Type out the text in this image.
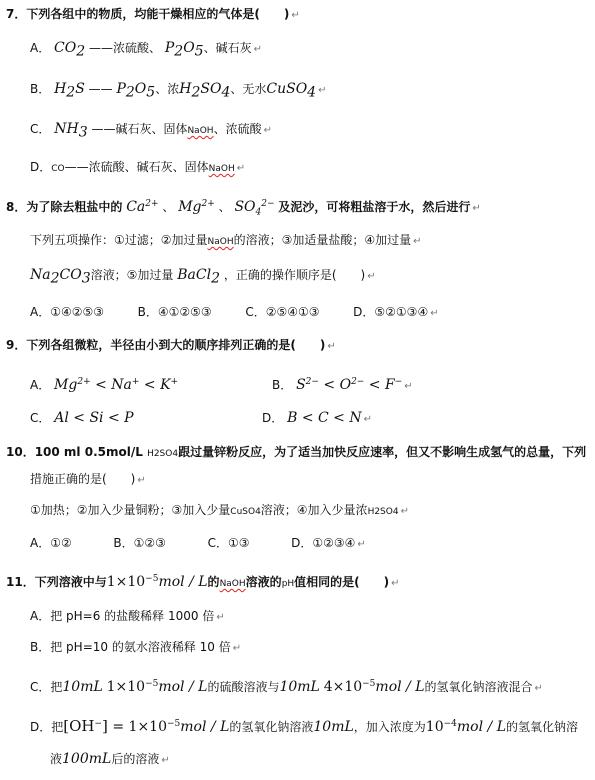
7．下列各组中的物质，均能干燥相应的气体是(　　) ↵
A． $CO_2$ ——浓硫酸、 $P_2O_5$、碱石灰 ↵
B． $H_2S$ —— $P_2O_5$、浓$H_2SO_4$、无水CuSO$_4$ ↵
C． $NH_3$ ——碱石灰、固体NaOH、浓硫酸 ↵
D．CO——浓硫酸、碱石灰、固体NaOH ↵
8．为了除去粗盐中的 $Ca^{2+}$ 、 $Mg^{2+}$ 、 $SO_4^{2-}$ 及泥沙，可将粗盐溶于水，然后进行 ↵
下列五项操作：①过滤；②加过量NaOH的溶液；③加适量盐酸；④加过量 ↵
$Na_2CO_3$溶液；⑤加过量 BaCl$_2$ ，正确的操作顺序是(　　) ↵
A．①④②⑤③	B．④①②⑤③	C．②⑤④①③	D．⑤②①③④ ↵
9．下列各组微粒，半径由小到大的顺序排列正确的是(　　) ↵
A． $Mg^{2+} < Na^+ < K^+$	B． $S^{2-} < O^{2-} < F^-$ ↵
C． Al < Si < P	D． B < C < N ↵
10．100 ml 0.5mol/L H2SO4跟过量锌粉反应，为了适当加快反应速率，但又不影响生成氢气的总量，下列
措施正确的是(　　) ↵
①加热；②加入少量铜粉；③加入少量CuSO4溶液；④加入少量浓H2SO4 ↵
A．①②	B．①②③	C．①③	D．①②③④ ↵
11．下列溶液中与$1\times 10^{-5}mol / L$的NaOH溶液的pH值相同的是(　　) ↵
A．把 pH=6 的盐酸稀释 1000 倍 ↵
B．把 pH=10 的氨水溶液稀释 10 倍 ↵
C．把10mL $1\times 10^{-5}mol / L$的硫酸溶液与10mL $4\times 10^{-5}mol / L$的氢氧化钠溶液混合 ↵
D．把$[OH^-] = 1\times 10^{-5}mol / L$的氢氧化钠溶液10mL，加入浓度为$10^{-4}mol$ / L的氢氧化钠溶
液100mL后的溶液 ↵
